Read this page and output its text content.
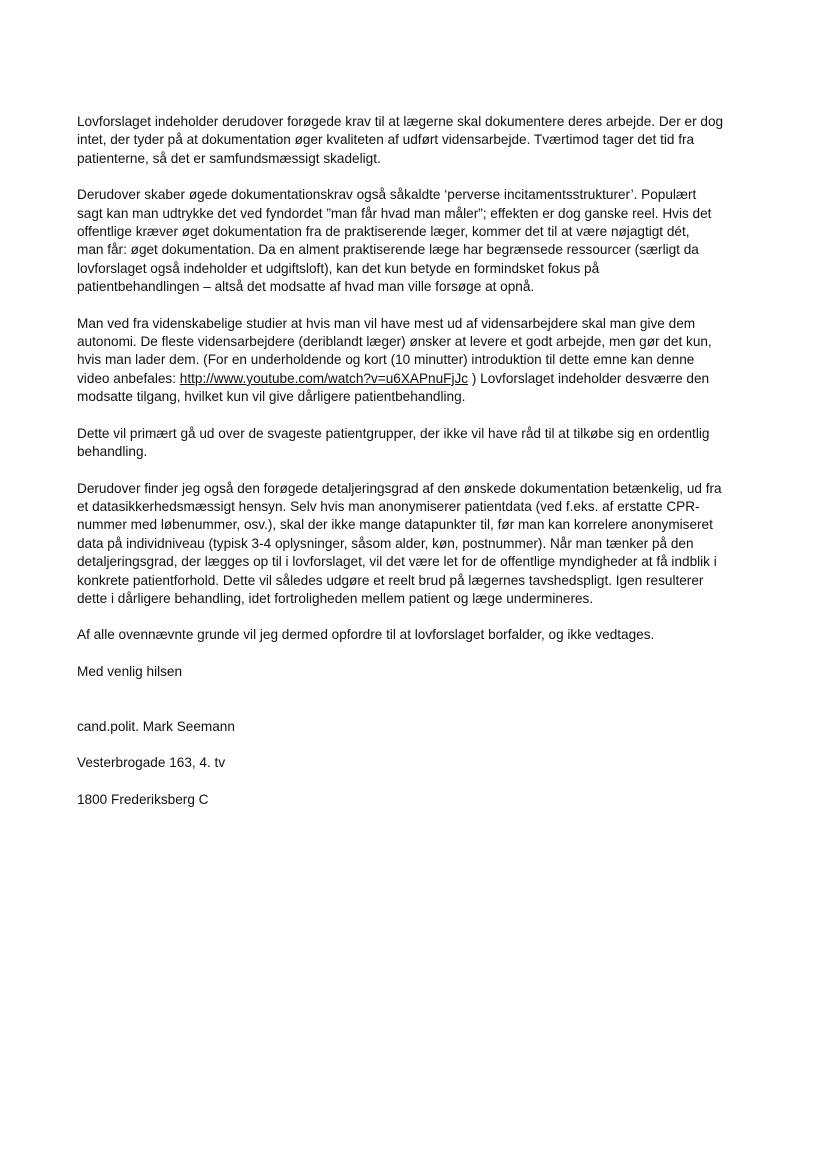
Lovforslaget indeholder derudover forøgede krav til at lægerne skal dokumentere deres arbejde. Der er dog
intet, der tyder på at dokumentation øger kvaliteten af udført vidensarbejde. Tværtimod tager det tid fra
patienterne, så det er samfundsmæssigt skadeligt.

Derudover skaber øgede dokumentationskrav også såkaldte ‘perverse incitamentsstrukturer’. Populært
sagt kan man udtrykke det ved fyndordet ”man får hvad man måler”; effekten er dog ganske reel. Hvis det
offentlige kræver øget dokumentation fra de praktiserende læger, kommer det til at være nøjagtigt dét,
man får: øget dokumentation. Da en alment praktiserende læge har begrænsede ressourcer (særligt da
lovforslaget også indeholder et udgiftsloft), kan det kun betyde en formindsket fokus på
patientbehandlingen – altså det modsatte af hvad man ville forsøge at opnå.

Man ved fra videnskabelige studier at hvis man vil have mest ud af vidensarbejdere skal man give dem
autonomi. De fleste vidensarbejdere (deriblandt læger) ønsker at levere et godt arbejde, men gør det kun,
hvis man lader dem. (For en underholdende og kort (10 minutter) introduktion til dette emne kan denne
video anbefales: http://www.youtube.com/watch?v=u6XAPnuFjJc ) Lovforslaget indeholder desværre den
modsatte tilgang, hvilket kun vil give dårligere patientbehandling.

Dette vil primært gå ud over de svageste patientgrupper, der ikke vil have råd til at tilkøbe sig en ordentlig
behandling.

Derudover finder jeg også den forøgede detaljeringsgrad af den ønskede dokumentation betænkelig, ud fra
et datasikkerhedsmæssigt hensyn. Selv hvis man anonymiserer patientdata (ved f.eks. af erstatte CPR-
nummer med løbenummer, osv.), skal der ikke mange datapunkter til, før man kan korrelere anonymiseret
data på individniveau (typisk 3-4 oplysninger, såsom alder, køn, postnummer). Når man tænker på den
detaljeringsgrad, der lægges op til i lovforslaget, vil det være let for de offentlige myndigheder at få indblik i
konkrete patientforhold. Dette vil således udgøre et reelt brud på lægernes tavshedspligt. Igen resulterer
dette i dårligere behandling, idet fortroligheden mellem patient og læge undermineres.

Af alle ovennævnte grunde vil jeg dermed opfordre til at lovforslaget borfalder, og ikke vedtages.

Med venlig hilsen

cand.polit. Mark Seemann

Vesterbrogade 163, 4. tv

1800 Frederiksberg C
